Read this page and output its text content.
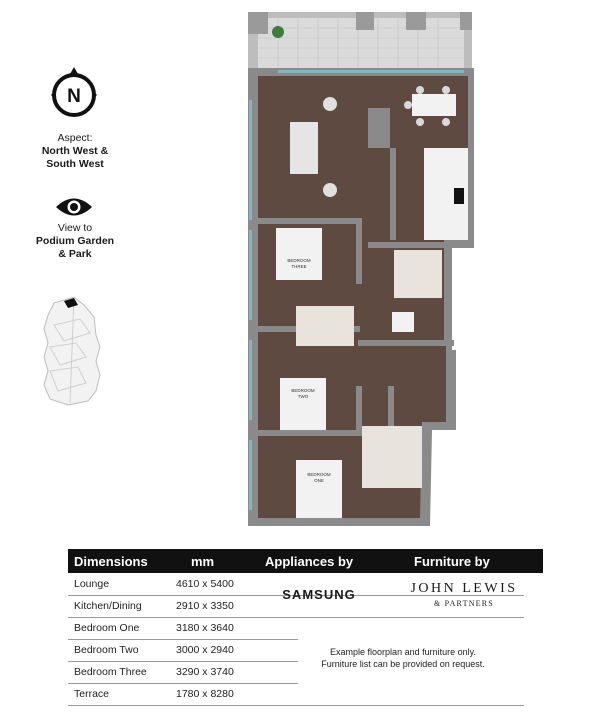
N
Aspect:
North West &
South West
View to
Podium Garden
& Park
BEDROOM
THREE
BEDROOM
TWO
BEDROOM
ONE
Dimensions	mm	Appliances by	Furniture by
Lounge	4610 x 5400
Kitchen/Dining	2910 x 3350
Bedroom One	3180 x 3640
Bedroom Two	3000 x 2940
Bedroom Three	3290 x 3740
Terrace	1780 x 8280
SAMSUNG	JOHN LEWIS
& PARTNERS
Example floorplan and furniture only.
Furniture list can be provided on request.
